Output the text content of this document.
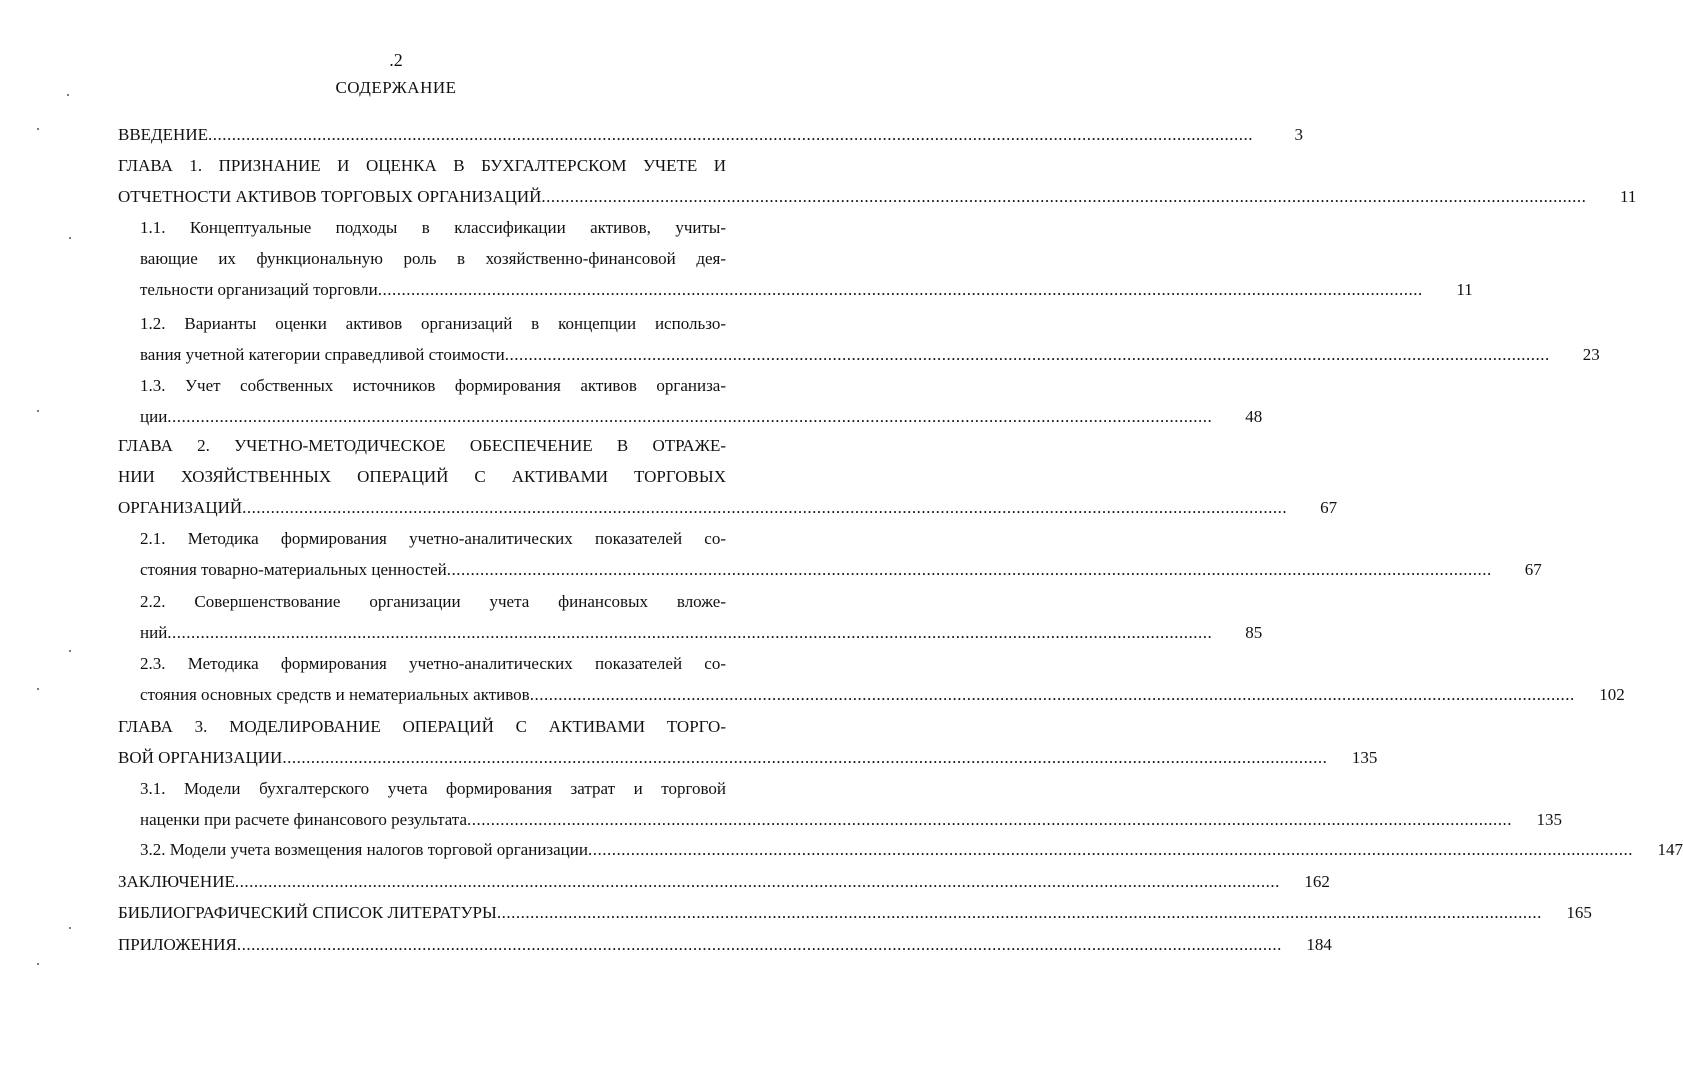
.2
СОДЕРЖАНИЕ
ВВЕДЕНИЕ ............................................................................................................................................................................................................................	3
ГЛАВА 1. ПРИЗНАНИЕ И ОЦЕНКА В БУХГАЛТЕРСКОМ УЧЕТЕ И
ОТЧЕТНОСТИ АКТИВОВ ТОРГОВЫХ ОРГАНИЗАЦИЙ ............................................................................................................................................................................................................................	11
1.1. Концептуальные подходы в классификации активов, учиты-
вающие их функциональную роль в хозяйственно-финансовой дея-
тельности организаций торговли ............................................................................................................................................................................................................................	11
1.2. Варианты оценки активов организаций в концепции использо-
вания учетной категории справедливой стоимости ............................................................................................................................................................................................................................	23
1.3. Учет собственных источников формирования активов организа-
ции ............................................................................................................................................................................................................................	48
ГЛАВА 2. УЧЕТНО-МЕТОДИЧЕСКОЕ ОБЕСПЕЧЕНИЕ В ОТРАЖЕ-
НИИ ХОЗЯЙСТВЕННЫХ ОПЕРАЦИЙ С АКТИВАМИ ТОРГОВЫХ
ОРГАНИЗАЦИЙ ............................................................................................................................................................................................................................	67
2.1. Методика формирования учетно-аналитических показателей со-
стояния товарно-материальных ценностей ............................................................................................................................................................................................................................	67
2.2. Совершенствование организации учета финансовых вложе-
ний ............................................................................................................................................................................................................................	85
2.3. Методика формирования учетно-аналитических показателей со-
стояния основных средств и нематериальных активов ............................................................................................................................................................................................................................	102
ГЛАВА 3. МОДЕЛИРОВАНИЕ ОПЕРАЦИЙ С АКТИВАМИ ТОРГО-
ВОЙ ОРГАНИЗАЦИИ ............................................................................................................................................................................................................................	135
3.1. Модели бухгалтерского учета формирования затрат и торговой
наценки при расчете финансового результата ............................................................................................................................................................................................................................	135
3.2. Модели учета возмещения налогов торговой организации ............................................................................................................................................................................................................................	147
ЗАКЛЮЧЕНИЕ ............................................................................................................................................................................................................................	162
БИБЛИОГРАФИЧЕСКИЙ СПИСОК ЛИТЕРАТУРЫ ............................................................................................................................................................................................................................	165
ПРИЛОЖЕНИЯ ............................................................................................................................................................................................................................	184
